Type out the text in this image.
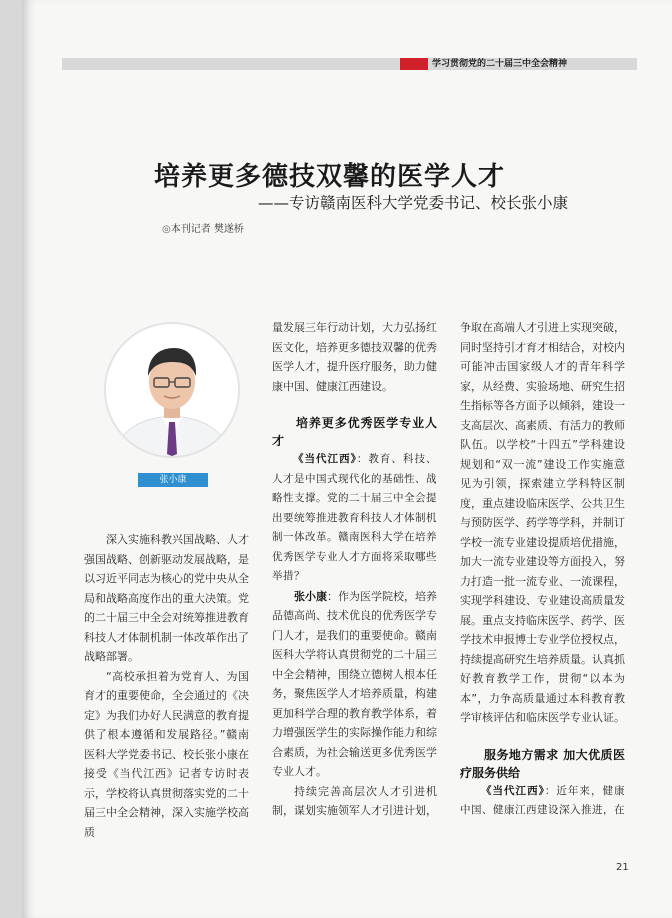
学习贯彻党的二十届三中全会精神
培养更多德技双馨的医学人才
——专访赣南医科大学党委书记、校长张小康
◎本刊记者 樊遂桥
张小康

深入实施科教兴国战略、人才强国战略、创新驱动发展战略，是以习近平同志为核心的党中央从全局和战略高度作出的重大决策。党的二十届三中全会对统筹推进教育科技人才体制机制一体改革作出了战略部署。

“高校承担着为党育人、为国育才的重要使命，全会通过的《决定》为我们办好人民满意的教育提供了根本遵循和发展路径。”赣南医科大学党委书记、校长张小康在接受《当代江西》记者专访时表示，学校将认真贯彻落实党的二十届三中全会精神，深入实施学校高质

量发展三年行动计划，大力弘扬红医文化，培养更多德技双馨的优秀医学人才，提升医疗服务，助力健康中国、健康江西建设。

培养更多优秀医学专业人才

《当代江西》：教育、科技、人才是中国式现代化的基础性、战略性支撑。党的二十届三中全会提出要统筹推进教育科技人才体制机制一体改革。赣南医科大学在培养优秀医学专业人才方面将采取哪些举措？

张小康：作为医学院校，培养品德高尚、技术优良的优秀医学专门人才，是我们的重要使命。赣南医科大学将认真贯彻党的二十届三中全会精神，围绕立德树人根本任务，聚焦医学人才培养质量，构建更加科学合理的教育教学体系，着力增强医学生的实际操作能力和综合素质，为社会输送更多优秀医学专业人才。

持续完善高层次人才引进机制，谋划实施领军人才引进计划，

争取在高端人才引进上实现突破，同时坚持引才育才相结合，对校内可能冲击国家级人才的青年科学家，从经费、实验场地、研究生招生指标等各方面予以倾斜，建设一支高层次、高素质、有活力的教师队伍。以学校“十四五”学科建设规划和“双一流”建设工作实施意见为引领，探索建立学科特区制度，重点建设临床医学、公共卫生与预防医学、药学等学科，并制订学校一流专业建设提质培优措施，加大一流专业建设等方面投入，努力打造一批一流专业、一流课程，实现学科建设、专业建设高质量发展。重点支持临床医学、药学、医学技术申报博士专业学位授权点，持续提高研究生培养质量。认真抓好教育教学工作，贯彻“以本为本”，力争高质量通过本科教育教学审核评估和临床医学专业认证。

服务地方需求 加大优质医疗服务供给

《当代江西》：近年来，健康中国、健康江西建设深入推进，在

21
